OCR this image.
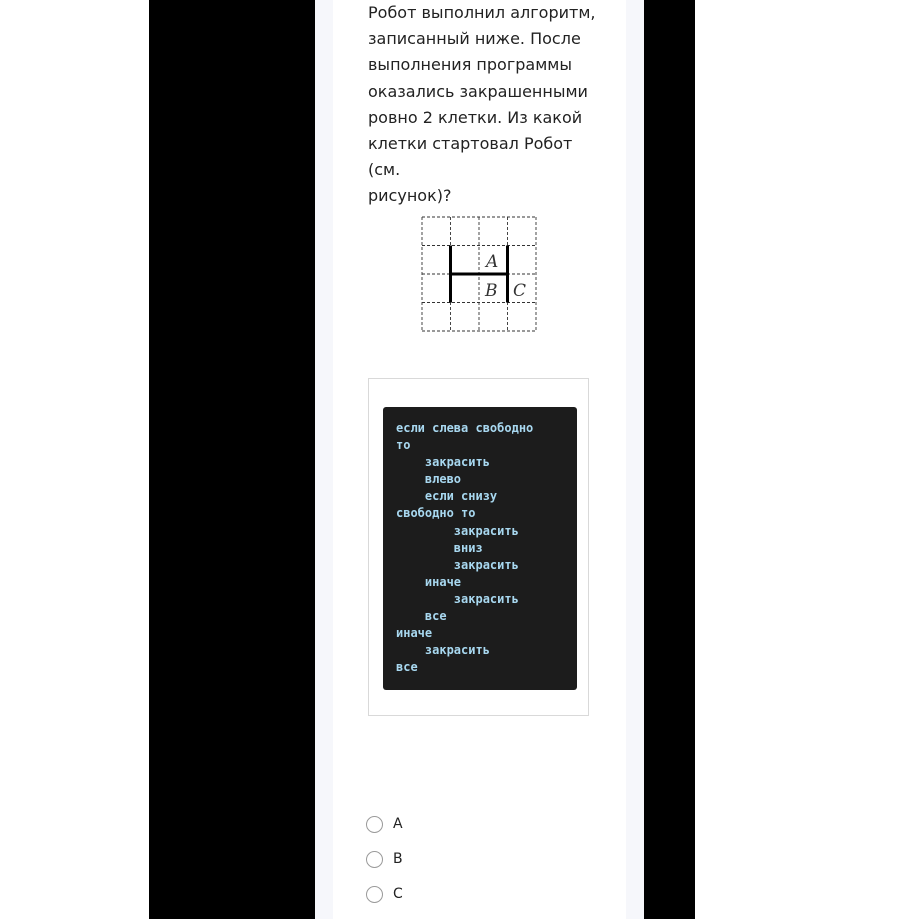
Робот выполнил алгоритм,
записанный ниже. После
выполнения программы
оказались закрашенными
ровно 2 клетки. Из какой
клетки стартовал Робот (см.
рисунок)?
A
B C
если слева свободно
то
закрасить
влево
если снизу
свободно то
закрасить
вниз
закрасить
иначе
закрасить
все
иначе
закрасить
все
A
B
C
